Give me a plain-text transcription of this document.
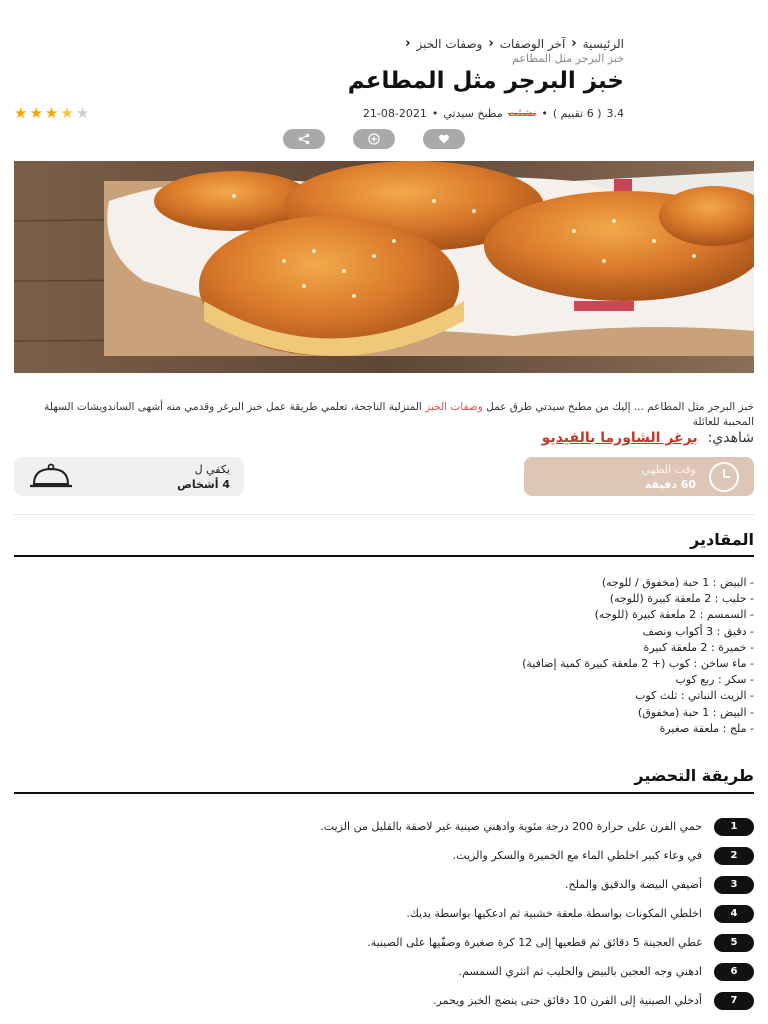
الرئيسية
‹
آخر الوصفات
‹
وصفات الخبز
‹
خبز البرجر مثل المطاعم
خبز البرجر مثل المطاعم
3.4
( 6 تقييم )
•
نشئت
مطبخ سيدتي
•
21-08-2021
★ ★ ★ ★ ★

خبز البرجر مثل المطاعم ... إليك من مطبخ سيدتي طرق عمل وصفات الخبز المنزلية الناجحة، تعلمي طريقة عمل خبز البرغر وقدمي منه أشهى الساندويشات السهلة المحببة للعائلة

شاهدي:
برغر الشاورما بالفيديو
وقت الطهي
60 دقيقة
يكفي ل
4 أشخاص
المقادير
- البيض : 1 حبة (مخفوق / للوجه)
- حليب : 2 ملعقة كبيرة (للوجه)
- السمسم : 2 ملعقة كبيرة (للوجه)
- دقيق : 3 أكواب ونصف
- خميرة : 2 ملعقة كبيرة
- ماء ساخن : كوب (+ 2 ملعقة كبيرة كمية إضافية)
- سكر : ربع كوب
- الزيت النباتي : ثلث كوب
- البيض : 1 حبة (مخفوق)
- ملح : ملعقة صغيرة
طريقة التحضير
1
حمي الفرن على حرارة 200 درجة مئوية وادهني صينية غير لاصقة بالقليل من الزيت.
2
في وعاء كبير اخلطي الماء مع الخميرة والسكر والزيت.
3
أضيفي البيضة والدقيق والملح.
4
اخلطي المكونات بواسطة ملعقة خشبية ثم ادعكيها بواسطة يديك.
5
غطي العجينة 5 دقائق ثم قطعيها إلى 12 كرة صغيرة وصفّيها على الصينية.
6
ادهني وجه العجين بالبيض والحليب ثم انثري السمسم.
7
أدخلي الصينية إلى الفرن 10 دقائق حتى ينضج الخبز ويحمر.
